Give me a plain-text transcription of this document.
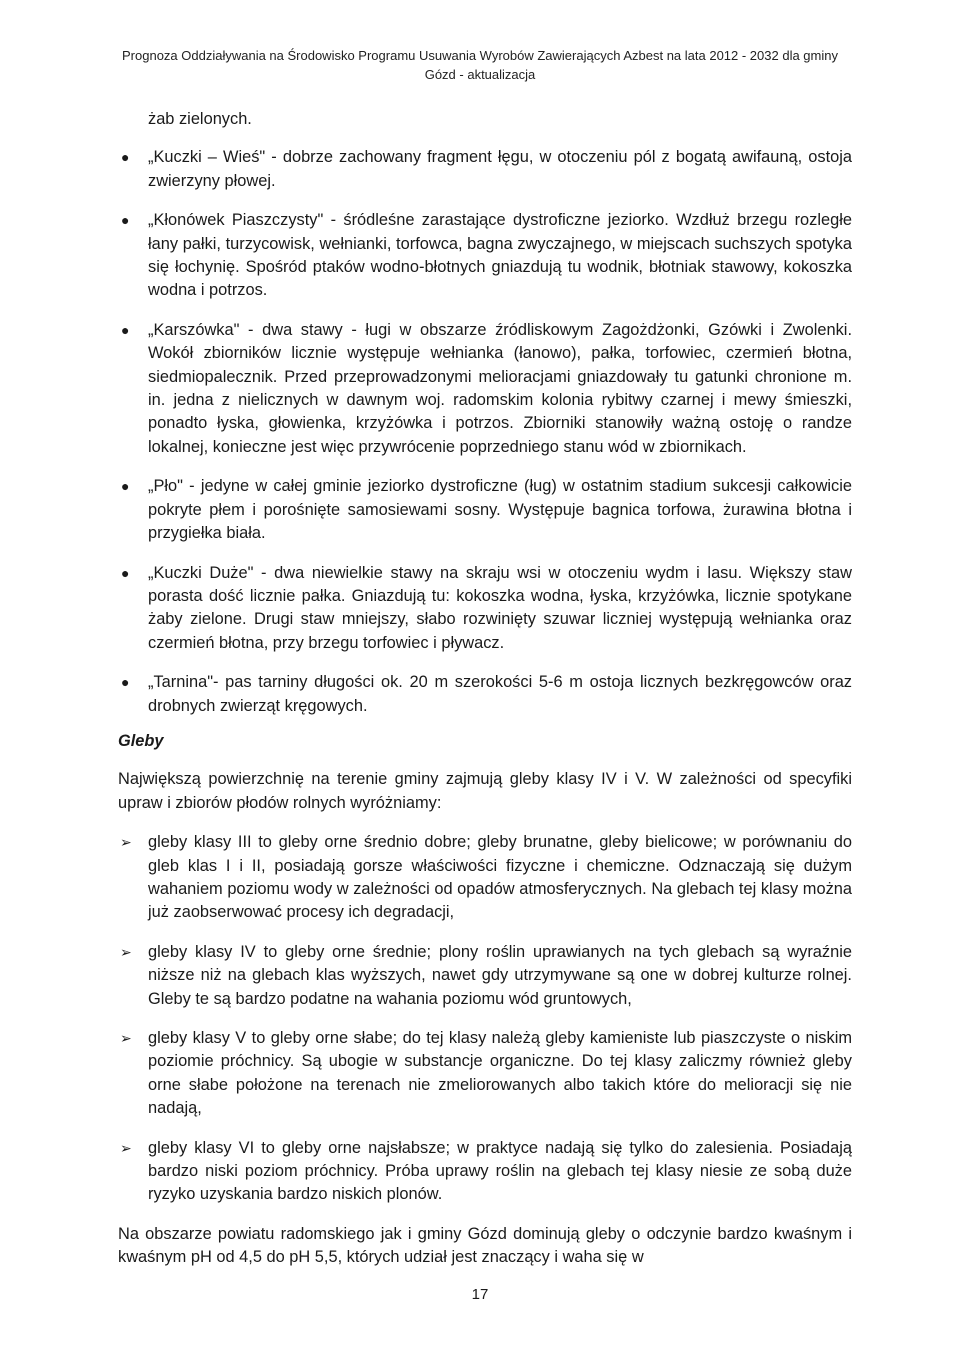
Prognoza Oddziaływania na Środowisko Programu Usuwania Wyrobów Zawierających Azbest na lata 2012 - 2032 dla gminy
Gózd - aktualizacja

żab zielonych.

● „Kuczki – Wieś" - dobrze zachowany fragment łęgu, w otoczeniu pól z bogatą awifauną, ostoja zwierzyny płowej.
● „Kłonówek Piaszczysty" - śródleśne zarastające dystroficzne jeziorko. Wzdłuż brzegu rozległe łany pałki, turzycowisk, wełnianki, torfowca, bagna zwyczajnego, w miejscach suchszych spotyka się łochynię. Spośród ptaków wodno-błotnych gniazdują tu wodnik, błotniak stawowy, kokoszka wodna i potrzos.
● „Karszówka" - dwa stawy - ługi w obszarze źródliskowym Zagożdżonki, Gzówki i Zwolenki. Wokół zbiorników licznie występuje wełnianka (łanowo), pałka, torfowiec, czermień błotna, siedmiopalecznik. Przed przeprowadzonymi melioracjami gniazdowały tu gatunki chronione m. in. jedna z nielicznych w dawnym woj. radomskim kolonia rybitwy czarnej i mewy śmieszki, ponadto łyska, głowienka, krzyżówka i potrzos. Zbiorniki stanowiły ważną ostoję o randze lokalnej, konieczne jest więc przywrócenie poprzedniego stanu wód w zbiornikach.
● „Pło" - jedyne w całej gminie jeziorko dystroficzne (ług) w ostatnim stadium sukcesji całkowicie pokryte płem i porośnięte samosiewami sosny. Występuje bagnica torfowa, żurawina błotna i przygiełka biała.
● „Kuczki Duże" - dwa niewielkie stawy na skraju wsi w otoczeniu wydm i lasu. Większy staw porasta dość licznie pałka. Gniazdują tu: kokoszka wodna, łyska, krzyżówka, licznie spotykane żaby zielone. Drugi staw mniejszy, słabo rozwinięty szuwar liczniej występują wełnianka oraz czermień błotna, przy brzegu torfowiec i pływacz.
● „Tarnina"- pas tarniny długości ok. 20 m szerokości 5-6 m ostoja licznych bezkręgowców oraz drobnych zwierząt kręgowych.

Gleby

Największą powierzchnię na terenie gminy zajmują gleby klasy IV i V. W zależności od specyfiki upraw i zbiorów płodów rolnych wyróżniamy:

➢ gleby klasy III to gleby orne średnio dobre; gleby brunatne, gleby bielicowe; w porównaniu do gleb klas I i II, posiadają gorsze właściwości fizyczne i chemiczne. Odznaczają się dużym wahaniem poziomu wody w zależności od opadów atmosferycznych. Na glebach tej klasy można już zaobserwować procesy ich degradacji,
➢ gleby klasy IV to gleby orne średnie; plony roślin uprawianych na tych glebach są wyraźnie niższe niż na glebach klas wyższych, nawet gdy utrzymywane są one w dobrej kulturze rolnej. Gleby te są bardzo podatne na wahania poziomu wód gruntowych,
➢ gleby klasy V to gleby orne słabe; do tej klasy należą gleby kamieniste lub piaszczyste o niskim poziomie próchnicy. Są ubogie w substancje organiczne. Do tej klasy zaliczmy również gleby orne słabe położone na terenach nie zmeliorowanych albo takich które do melioracji się nie nadają,
➢ gleby klasy VI to gleby orne najsłabsze; w praktyce nadają się tylko do zalesienia. Posiadają bardzo niski poziom próchnicy. Próba uprawy roślin na glebach tej klasy niesie ze sobą duże ryzyko uzyskania bardzo niskich plonów.

Na obszarze powiatu radomskiego jak i gminy Gózd dominują gleby o odczynie bardzo kwaśnym i kwaśnym pH od 4,5 do pH 5,5, których udział jest znaczący i waha się w

17
